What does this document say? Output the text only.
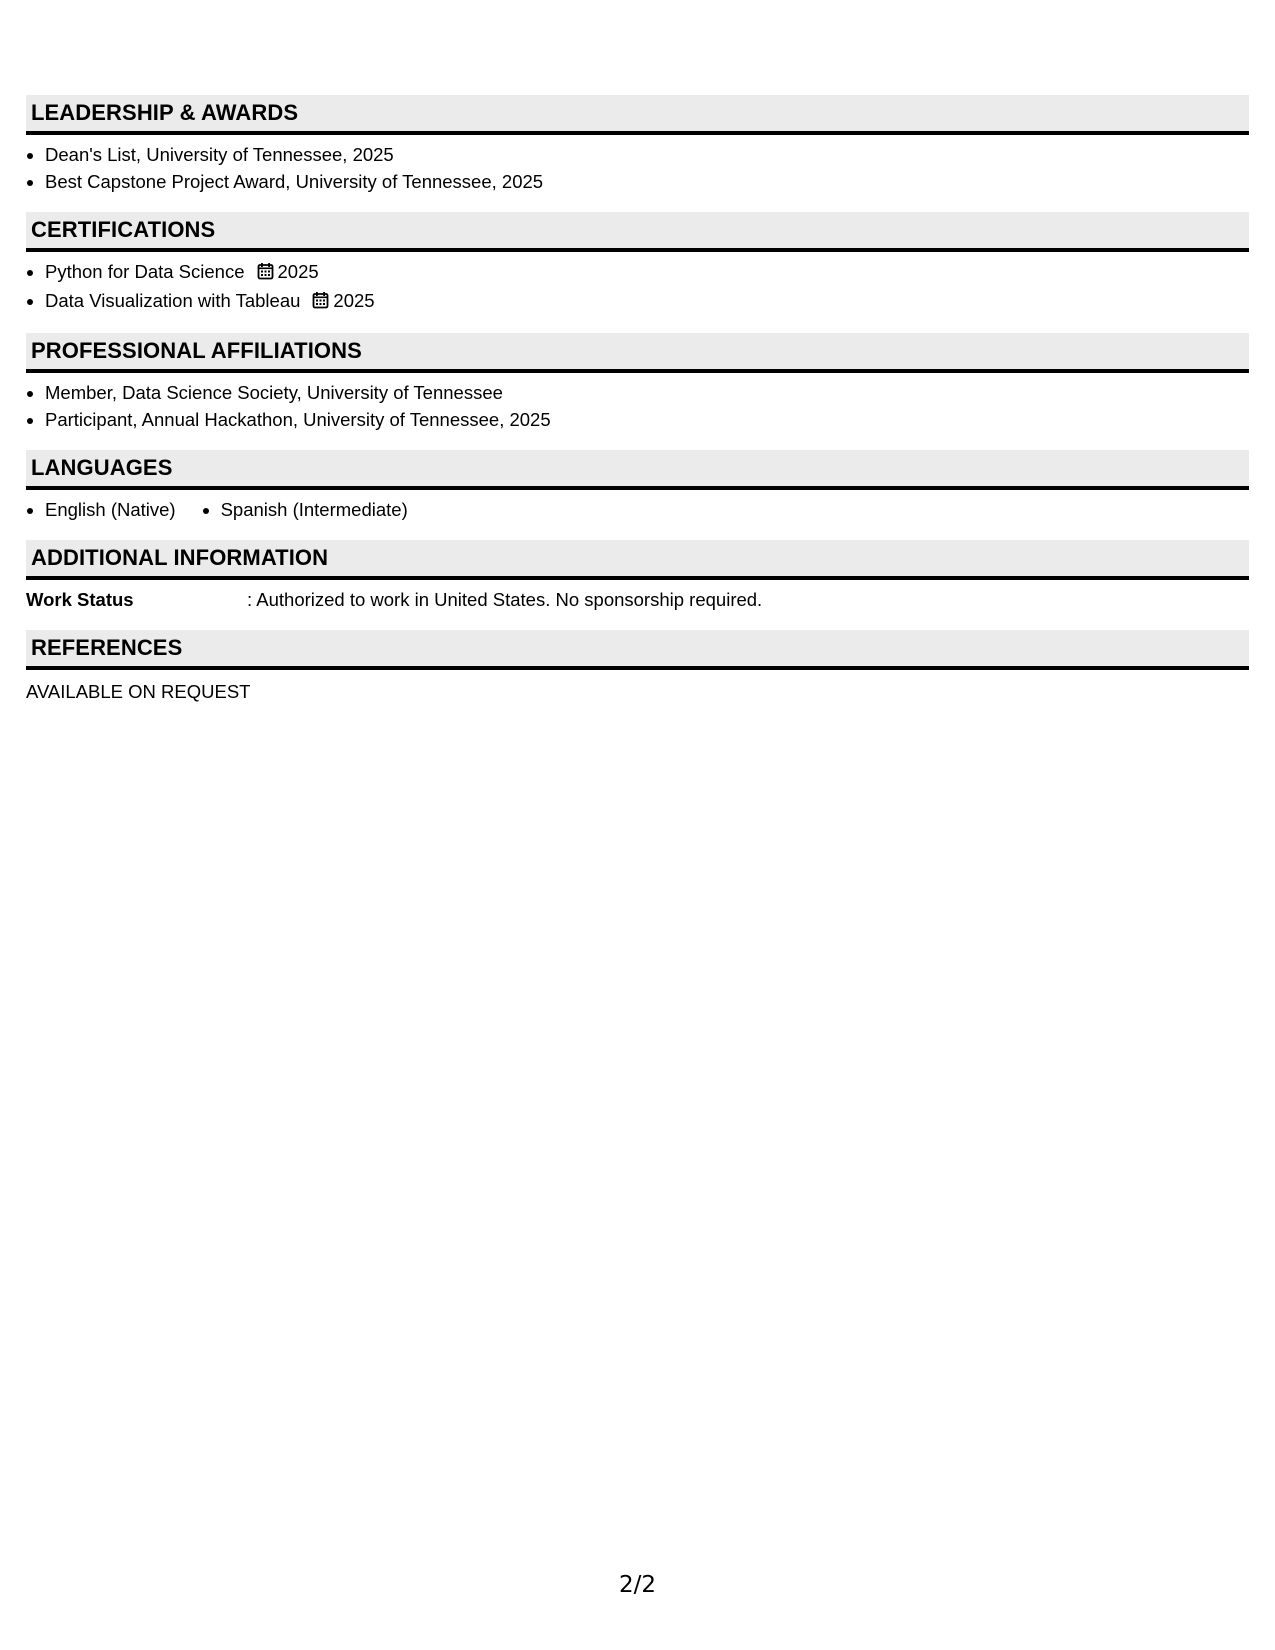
LEADERSHIP & AWARDS
• Dean's List, University of Tennessee, 2025
• Best Capstone Project Award, University of Tennessee, 2025
CERTIFICATIONS
• Python for Data Science 2025
• Data Visualization with Tableau 2025
PROFESSIONAL AFFILIATIONS
• Member, Data Science Society, University of Tennessee
• Participant, Annual Hackathon, University of Tennessee, 2025
LANGUAGES
• English (Native)
• Spanish (Intermediate)
ADDITIONAL INFORMATION
Work Status	: Authorized to work in United States. No sponsorship required.
REFERENCES
AVAILABLE ON REQUEST
2/2
